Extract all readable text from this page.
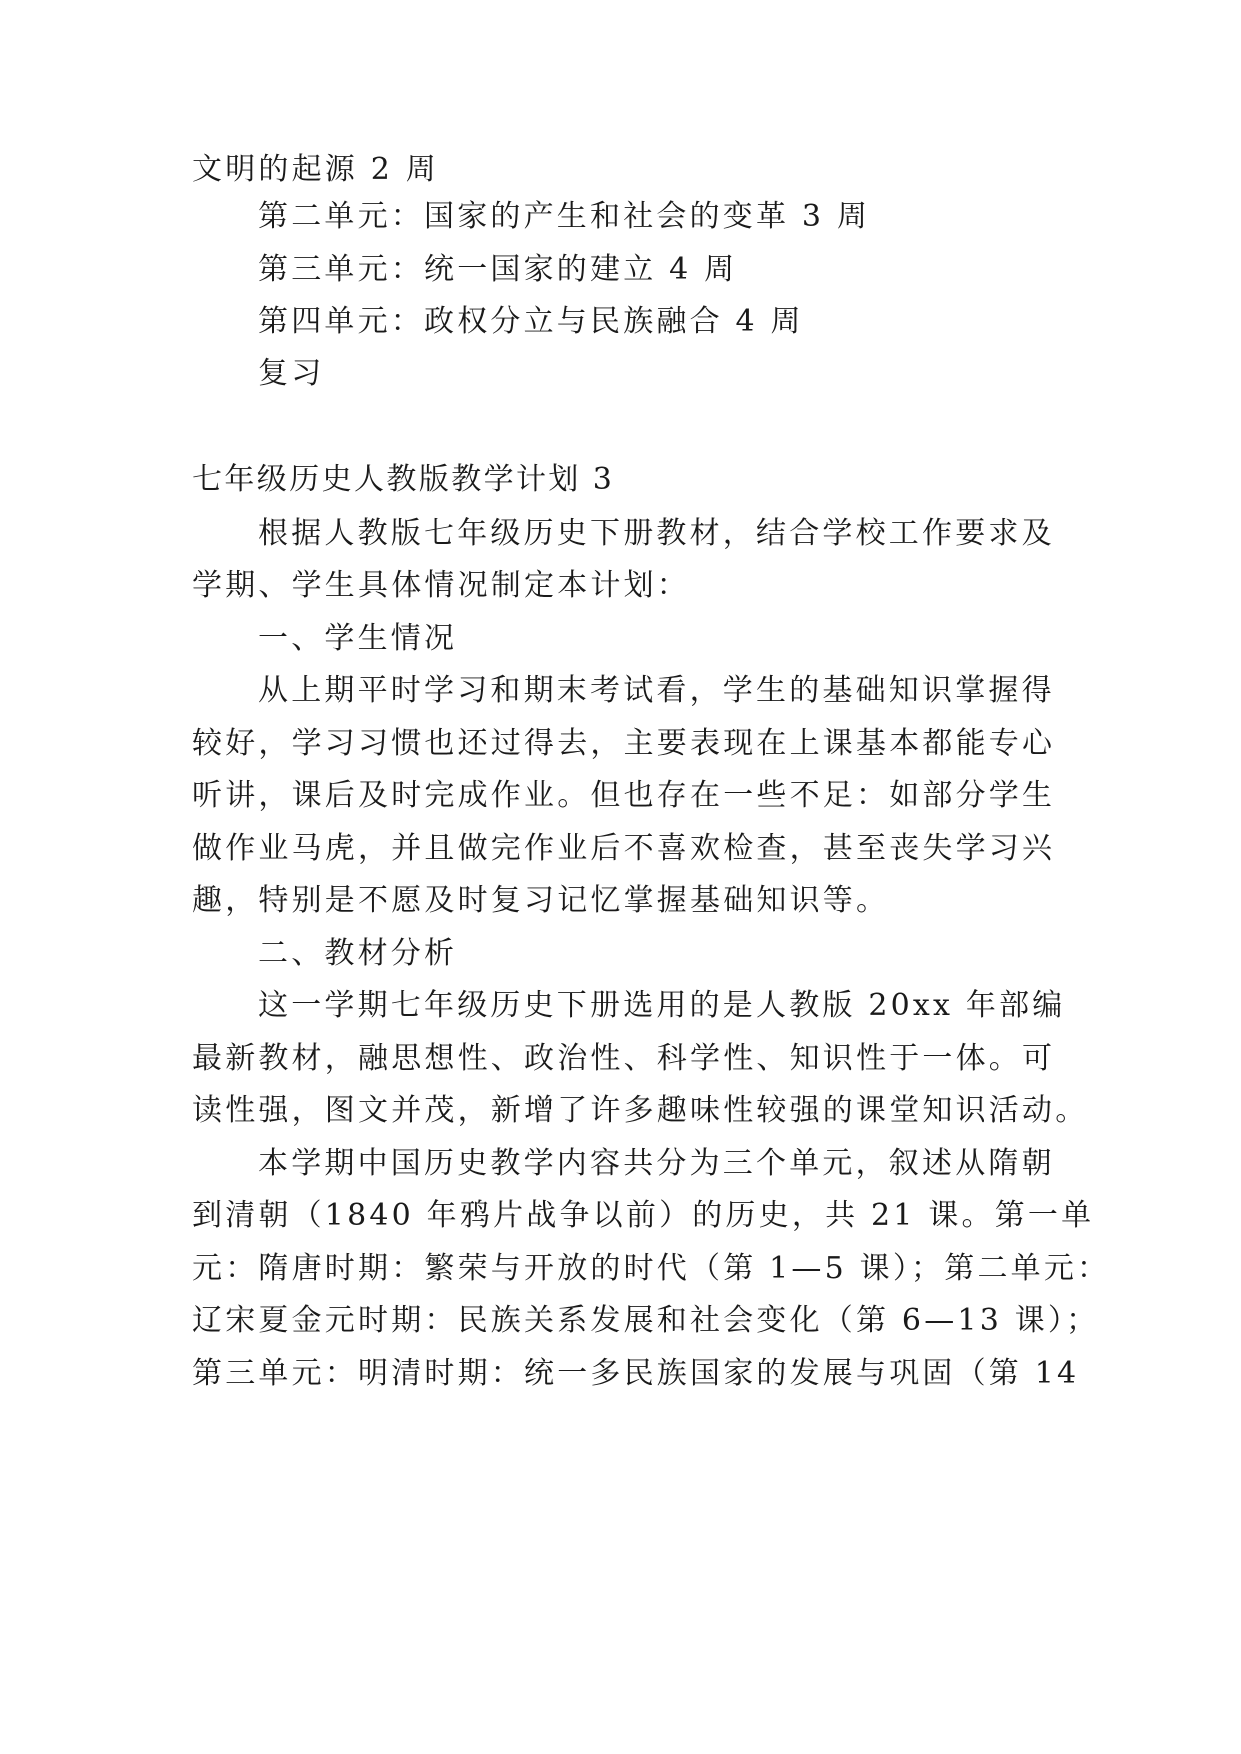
文明的起源 2 周
第二单元：国家的产生和社会的变革 3 周
第三单元：统一国家的建立 4 周
第四单元：政权分立与民族融合 4 周
复习
七年级历史人教版教学计划 3
根据人教版七年级历史下册教材，结合学校工作要求及
学期、学生具体情况制定本计划：
一、学生情况
从上期平时学习和期末考试看，学生的基础知识掌握得
较好，学习习惯也还过得去，主要表现在上课基本都能专心
听讲，课后及时完成作业。但也存在一些不足：如部分学生
做作业马虎，并且做完作业后不喜欢检查，甚至丧失学习兴
趣，特别是不愿及时复习记忆掌握基础知识等。
二、教材分析
这一学期七年级历史下册选用的是人教版 20xx 年部编
最新教材，融思想性、政治性、科学性、知识性于一体。可
读性强，图文并茂，新增了许多趣味性较强的课堂知识活动。
本学期中国历史教学内容共分为三个单元，叙述从隋朝
到清朝（1840 年鸦片战争以前）的历史，共 21 课。第一单
元：隋唐时期：繁荣与开放的时代（第 1—5 课）；第二单元：
辽宋夏金元时期：民族关系发展和社会变化（第 6—13 课）；
第三单元：明清时期：统一多民族国家的发展与巩固（第 14
